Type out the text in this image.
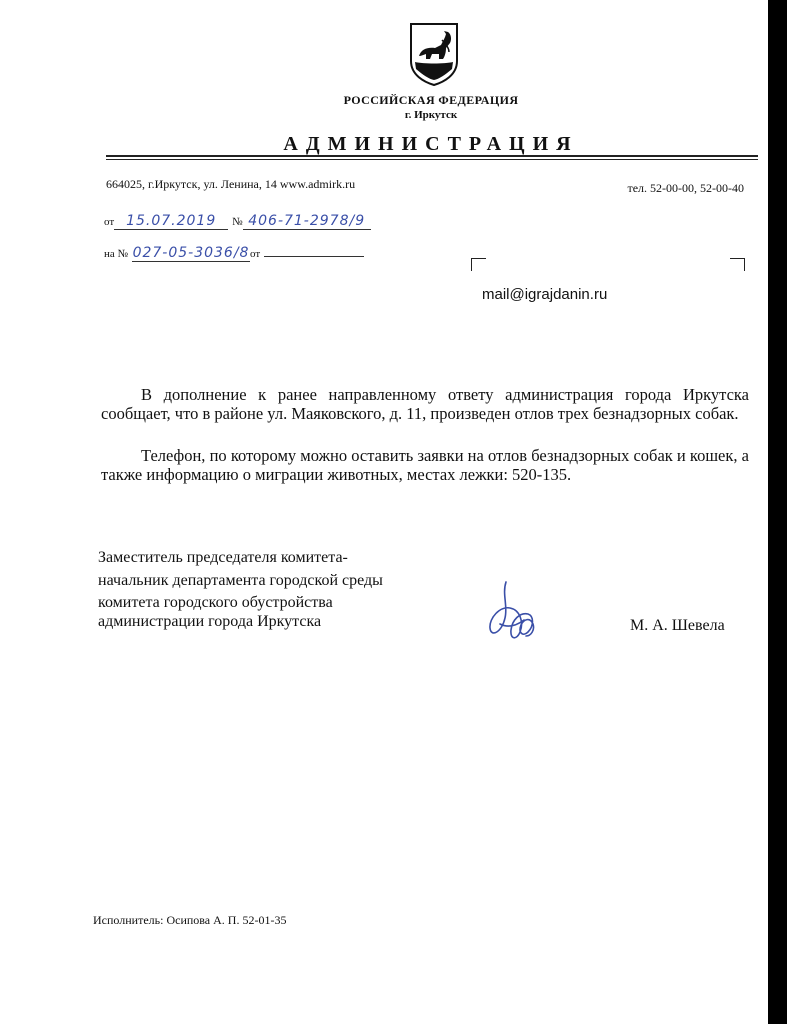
РОССИЙСКАЯ ФЕДЕРАЦИЯ
г. Иркутск
АДМИНИСТРАЦИЯ
664025, г.Иркутск, ул. Ленина, 14 www.admirk.ru	тел. 52-00-00, 52-00-40
от 15.07.2019 № 406-71-2978/9
на № 027-05-3036/8от
mail@igrajdanin.ru
В дополнение к ранее направленному ответу администрация города Иркутска сообщает, что в районе ул. Маяковского, д. 11, произведен отлов трех безнадзорных собак.
Телефон, по которому можно оставить заявки на отлов безнадзорных собак и кошек, а также информацию о миграции животных, местах лежки: 520-135.
Заместитель председателя комитета-
начальник департамента городской среды
комитета городского обустройства
администрации города Иркутска	М. А. Шевела
Исполнитель: Осипова А. П. 52-01-35
